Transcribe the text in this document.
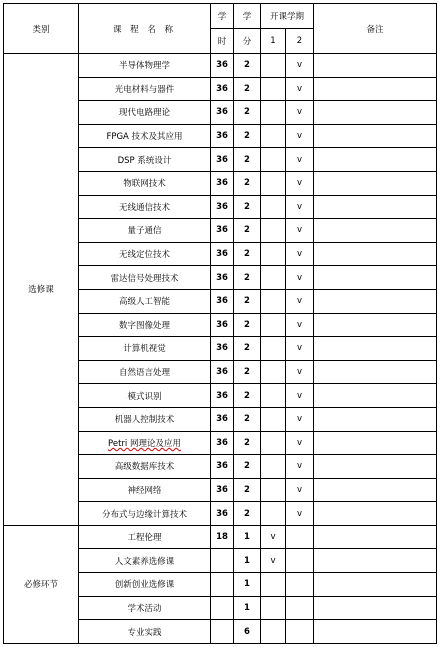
类别	课 程 名 称	学	学	开课学期		备注
		时	分	1	2	
选修课	半导体物理学	36	2		v	
	光电材料与器件	36	2		v	
	现代电路理论	36	2		v	
	FPGA 技术及其应用	36	2		v	
	DSP 系统设计	36	2		v	
	物联网技术	36	2		v	
	无线通信技术	36	2		v	
	量子通信	36	2		v	
	无线定位技术	36	2		v	
	雷达信号处理技术	36	2		v	
	高级人工智能	36	2		v	
	数字图像处理	36	2		v	
	计算机视觉	36	2		v	
	自然语言处理	36	2		v	
	模式识别	36	2		v	
	机器人控制技术	36	2		v	
	Petri 网理论及应用	36	2		v	
	高级数据库技术	36	2		v	
	神经网络	36	2		v	
	分布式与边缘计算技术	36	2		v	
必修环节	工程伦理	18	1	v		
	人文素养选修课		1	v		
	创新创业选修课		1			
	学术活动		1			
	专业实践		6			
